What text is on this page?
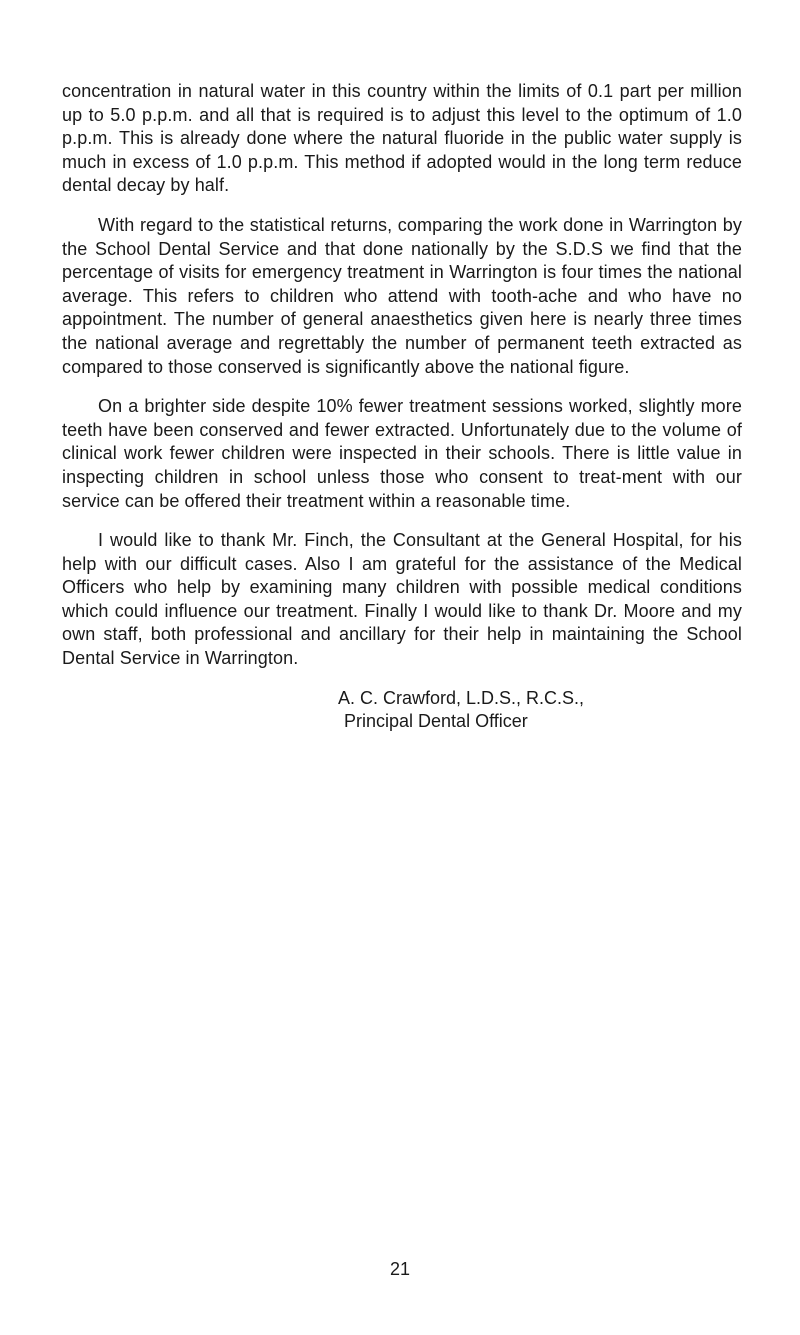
concentration in natural water in this country within the limits of 0.1 part per million up to 5.0 p.p.m. and all that is required is to adjust this level to the optimum of 1.0 p.p.m. This is already done where the natural fluoride in the public water supply is much in excess of 1.0 p.p.m. This method if adopted would in the long term reduce dental decay by half.

With regard to the statistical returns, comparing the work done in Warrington by the School Dental Service and that done nationally by the S.D.S we find that the percentage of visits for emergency treatment in Warrington is four times the national average. This refers to children who attend with tooth-ache and who have no appointment. The number of general anaesthetics given here is nearly three times the national average and regrettably the number of permanent teeth extracted as compared to those conserved is significantly above the national figure.

On a brighter side despite 10% fewer treatment sessions worked, slightly more teeth have been conserved and fewer extracted. Unfortunately due to the volume of clinical work fewer children were inspected in their schools. There is little value in inspecting children in school unless those who consent to treat-ment with our service can be offered their treatment within a reasonable time.

I would like to thank Mr. Finch, the Consultant at the General Hospital, for his help with our difficult cases. Also I am grateful for the assistance of the Medical Officers who help by examining many children with possible medical conditions which could influence our treatment. Finally I would like to thank Dr. Moore and my own staff, both professional and ancillary for their help in maintaining the School Dental Service in Warrington.

A. C. Crawford, L.D.S., R.C.S.,
Principal Dental Officer
21
